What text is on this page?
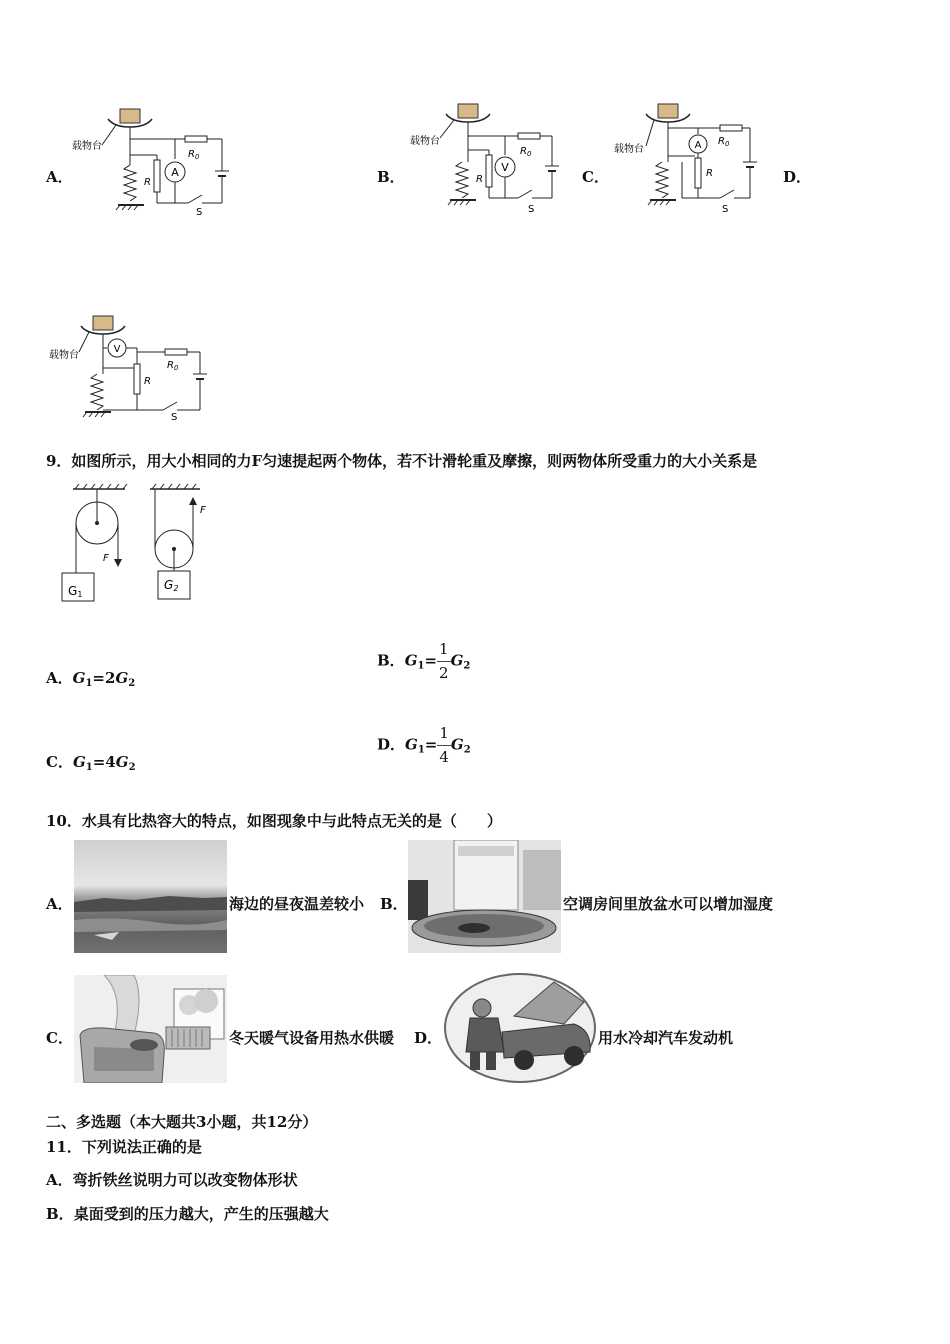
A．	B．	C．	D．
A
$R_0$
R
S
载物台
V
$R_0$
R
S
载物台	A $R_0$
R
S
载物台
V
$R_0$
R
S
载物台
9．如图所示，用大小相同的力F匀速提起两个物体，若不计滑轮重及摩擦，则两物体所受重力的大小关系是
F
G1
F
G2
A．$G_1=2G_2$
B．$G_1= \frac{1}{2} G_2$
C．$G_1=4G_2$
D．$G_1= \frac{1}{4} G_2$
10．水具有比热容大的特点，如图现象中与此特点无关的是（　　）
A．	海边的昼夜温差较小 B．	空调房间里放盆水可以增加湿度
C．	冬天暖气设备用热水供暖 D．	用水冷却汽车发动机
二、多选题（本大题共3小题，共12分）
11．下列说法正确的是
A．弯折铁丝说明力可以改变物体形状
B．桌面受到的压力越大，产生的压强越大
